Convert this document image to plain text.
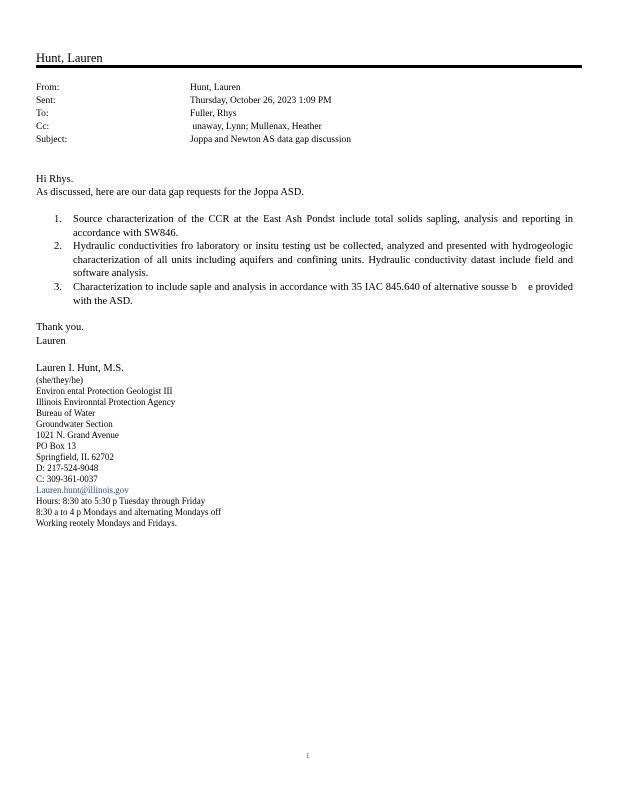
Hunt, Lauren
From:	Hunt, Lauren
Sent:	Thursday, October 26, 2023 1:09 PM
To:	Fuller, Rhys
Cc:	unaway, Lynn; Mullenax, Heather
Subject:	Joppa and Newton AS data gap discussion
Hi Rhys.
As discussed, here are our data gap requests for the Joppa ASD.
1. Source characterization of the CCR at the East Ash Pondst include total solids sapling, analysis and reporting in accordance with SW846.
2. Hydraulic conductivities fro laboratory or insitu testing ust be collected, analyzed and presented with hydrogeologic characterization of all units including aquifers and confining units. Hydraulic conductivity datast include field and software analysis.
3. Characterization to include saple and analysis in accordance with 35 IAC 845.640 of alternative sousse b    e provided with the ASD.
Thank you.
Lauren
Lauren I. Hunt, M.S.
(she/they/he)
Environ ental Protection Geologist III
Illinois Environntal Protection Agency
Bureau of Water
Groundwater Section
1021 N. Grand Avenue
PO Box 13
Springfield, IL 62702
D: 217-524-9048
C: 309-361-0037
Lauren.hunt@illinois.gov
Hours: 8:30 ato 5:30 p Tuesday through Friday
8:30 a to 4 p Mondays and alternating Mondays off
Working reotely Mondays and Fridays.
1
